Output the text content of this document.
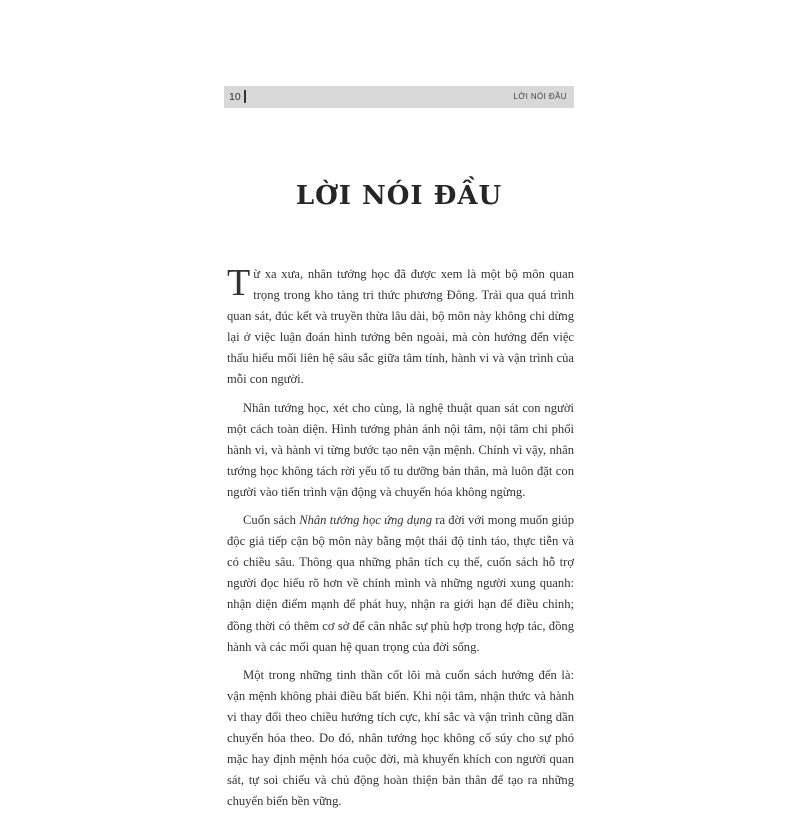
10	LỜI NÓI ĐẦU
LỜI NÓI ĐẦU

Từ xa xưa, nhân tướng học đã được xem là một bộ môn quan trọng trong kho tàng tri thức phương Đông. Trải qua quá trình quan sát, đúc kết và truyền thừa lâu dài, bộ môn này không chỉ dừng lại ở việc luận đoán hình tướng bên ngoài, mà còn hướng đến việc thấu hiểu mối liên hệ sâu sắc giữa tâm tính, hành vi và vận trình của mỗi con người.

Nhân tướng học, xét cho cùng, là nghệ thuật quan sát con người một cách toàn diện. Hình tướng phản ánh nội tâm, nội tâm chi phối hành vi, và hành vi từng bước tạo nên vận mệnh. Chính vì vậy, nhân tướng học không tách rời yếu tố tu dưỡng bản thân, mà luôn đặt con người vào tiến trình vận động và chuyển hóa không ngừng.

Cuốn sách Nhân tướng học ứng dụng ra đời với mong muốn giúp độc giả tiếp cận bộ môn này bằng một thái độ tỉnh táo, thực tiễn và có chiều sâu. Thông qua những phân tích cụ thể, cuốn sách hỗ trợ người đọc hiểu rõ hơn về chính mình và những người xung quanh: nhận diện điểm mạnh để phát huy, nhận ra giới hạn để điều chỉnh; đồng thời có thêm cơ sở để cân nhắc sự phù hợp trong hợp tác, đồng hành và các mối quan hệ quan trọng của đời sống.

Một trong những tinh thần cốt lõi mà cuốn sách hướng đến là: vận mệnh không phải điều bất biến. Khi nội tâm, nhận thức và hành vi thay đổi theo chiều hướng tích cực, khí sắc và vận trình cũng dần chuyển hóa theo. Do đó, nhân tướng học không cổ súy cho sự phó mặc hay định mệnh hóa cuộc đời, mà khuyến khích con người quan sát, tự soi chiếu và chủ động hoàn thiện bản thân để tạo ra những chuyển biến bền vững.
